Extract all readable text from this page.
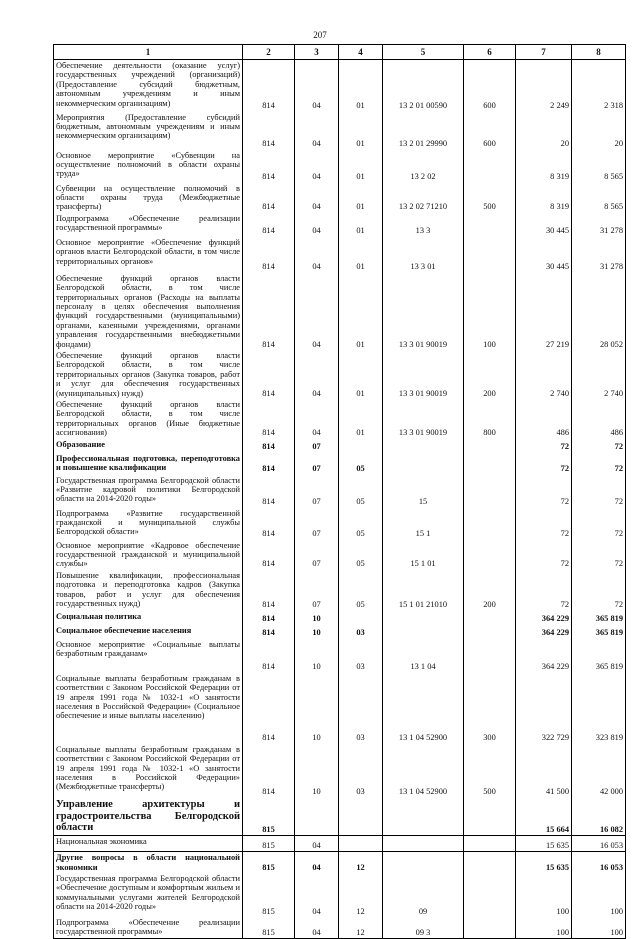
207
1	2	3	4	5	6	7	8
Обеспечение деятельности (оказание услуг) государственных учреждений (организаций) (Предоставление субсидий бюджетным, автономным учреждениям и иным некоммерческим организациям)	814	04	01	13 2 01 00590	600	2 249	2 318
Мероприятия (Предоставление субсидий бюджетным, автономным учреждениям и иным некоммерческим организациям)	814	04	01	13 2 01 29990	600	20	20
Основное мероприятие «Субвенции на осуществление полномочий в области охраны труда»	814	04	01	13 2 02		8 319	8 565
Субвенции на осуществление полномочий в области охраны труда (Межбюджетные трансферты)	814	04	01	13 2 02 71210	500	8 319	8 565
Подпрограмма «Обеспечение реализации государственной программы»	814	04	01	13 3		30 445	31 278
Основное мероприятие «Обеспечение функций органов власти Белгородской области, в том числе территориальных органов»	814	04	01	13 3 01		30 445	31 278
Обеспечение функций органов власти Белгородской области, в том числе территориальных органов (Расходы на выплаты персоналу в целях обеспечения выполнения функций государственными (муниципальными) органами, казенными учреждениями, органами управления государственными внебюджетными фондами)	814	04	01	13 3 01 90019	100	27 219	28 052
Обеспечение функций органов власти Белгородской области, в том числе территориальных органов (Закупка товаров, работ и услуг для обеспечения государственных (муниципальных) нужд)	814	04	01	13 3 01 90019	200	2 740	2 740
Обеспечение функций органов власти Белгородской области, в том числе территориальных органов (Иные бюджетные ассигнования)	814	04	01	13 3 01 90019	800	486	486
Образование	814	07				72	72
Профессиональная подготовка, переподготовка и повышение квалификации	814	07	05			72	72
Государственная программа Белгородской области «Развитие кадровой политики Белгородской области на 2014-2020 годы»	814	07	05	15		72	72
Подпрограмма «Развитие государственной гражданской и муниципальной службы Белгородской области»	814	07	05	15 1		72	72
Основное мероприятие «Кадровое обеспечение государственной гражданской и муниципальной службы»	814	07	05	15 1 01		72	72
Повышение квалификации, профессиональная подготовка и переподготовка кадров (Закупка товаров, работ и услуг для обеспечения государственных нужд)	814	07	05	15 1 01 21010	200	72	72
Социальная политика	814	10				364 229	365 819
Социальное обеспечение населения	814	10	03			364 229	365 819
Основное мероприятие «Социальные выплаты безработным гражданам»	814	10	03	13 1 04		364 229	365 819
Социальные выплаты безработным гражданам в соответствии с Законом Российской Федерации от 19 апреля 1991 года № 1032-1 «О занятости населения в Российской Федерации» (Социальное обеспечение и иные выплаты населению)	814	10	03	13 1 04 52900	300	322 729	323 819
Социальные выплаты безработным гражданам в соответствии с Законом Российской Федерации от 19 апреля 1991 года № 1032-1 «О занятости населения в Российской Федерации» (Межбюджетные трансферты)	814	10	03	13 1 04 52900	500	41 500	42 000
Управление архитектуры и градостроительства Белгородской области	815					15 664	16 082
Национальная экономика	815	04				15 635	16 053
Другие вопросы в области национальной экономики	815	04	12			15 635	16 053
Государственная программа Белгородской области «Обеспечение доступным и комфортным жильем и коммунальными услугами жителей Белгородской области на 2014-2020 годы»	815	04	12	09		100	100
Подпрограмма «Обеспечение реализации государственной программы»	815	04	12	09 3		100	100
